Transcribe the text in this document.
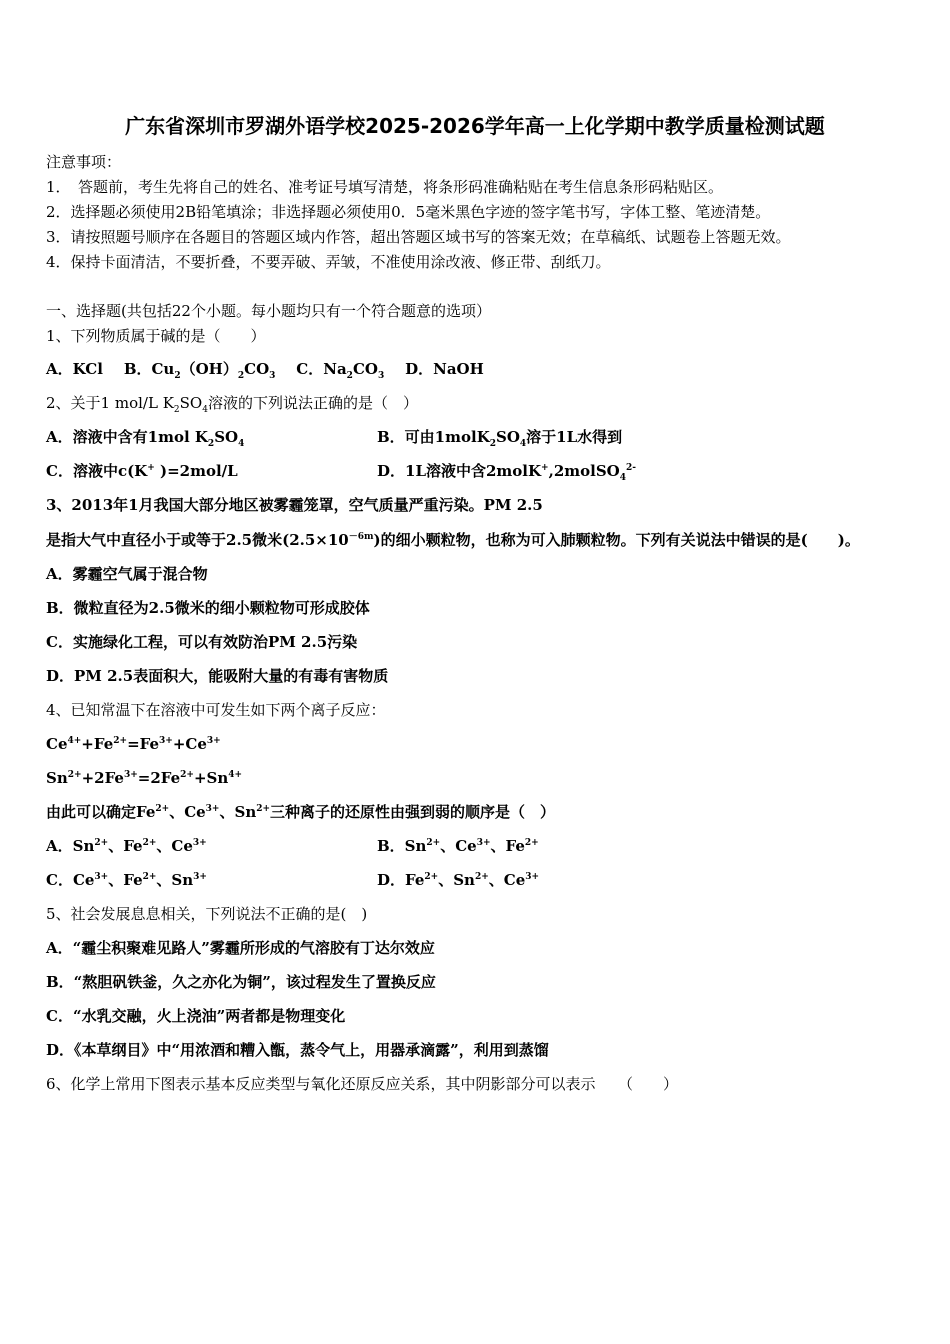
广东省深圳市罗湖外语学校2025-2026学年高一上化学期中教学质量检测试题
注意事项：
1．　答题前，考生先将自己的姓名、准考证号填写清楚，将条形码准确粘贴在考生信息条形码粘贴区。
2．选择题必须使用2B铅笔填涂；非选择题必须使用0．5毫米黑色字迹的签字笔书写，字体工整、笔迹清楚。
3．请按照题号顺序在各题目的答题区域内作答，超出答题区域书写的答案无效；在草稿纸、试题卷上答题无效。
4．保持卡面清洁，不要折叠，不要弄破、弄皱，不准使用涂改液、修正带、刮纸刀。
一、选择题(共包括22个小题。每小题均只有一个符合题意的选项）
1、下列物质属于碱的是（　　）
A．KCl B．$Cu_2(OH)_2CO_3$ C．$Na_2CO_3$ D．NaOH
2、关于1 mol/L $K_2SO_4$溶液的下列说法正确的是（　）
A．溶液中含有1mol $K_2SO_4$	B．可由$1molK_2SO_4$溶于1L水得到
C．溶液中c(K+ )=2mol/L	D．1L溶液中含2molK+,2molSO$_4^{2-}$
3、2013年1月我国大部分地区被雾霾笼罩，空气质量严重污染。PM 2.5
是指大气中直径小于或等于2.5微米$(2.5\times 10^{-6m})$的细小颗粒物，也称为可入肺颗粒物。下列有关说法中错误的是(　　)。
A．雾霾空气属于混合物
B．微粒直径为2.5微米的细小颗粒物可形成胶体
C．实施绿化工程，可以有效防治PM 2.5污染
D．PM 2.5表面积大，能吸附大量的有毒有害物质
4、已知常温下在溶液中可发生如下两个离子反应：
$Ce^{4+}+Fe^{2+}=Fe^{3+}+Ce^{3+}$
$Sn^{2+}+2Fe^{3+}=2Fe^{2+}+Sn^{4+}$
由此可以确定$Fe^{2+}$、$Ce^{3+}$、$Sn^{2+}$三种离子的还原性由强到弱的顺序是（　）
A．$Sn^{2+}$、$Fe^{2+}$、$Ce^{3+}$	B．$Sn^{2+}$、$Ce^{3+}$、$Fe^{2+}$
C．$Ce^{3+}$、$Fe^{2+}$、$Sn^{3+}$	D．$Fe^{2+}$、$Sn^{2+}$、$Ce^{3+}$
5、社会发展息息相关，下列说法不正确的是(　)
A．“霾尘积聚难见路人”雾霾所形成的气溶胶有丁达尔效应
B．“熬胆矾铁釜，久之亦化为铜”，该过程发生了置换反应
C．“水乳交融，火上浇油”两者都是物理变化
D．《本草纲目》中“用浓酒和糟入甑，蒸令气上，用器承滴露”，利用到蒸馏
6、化学上常用下图表示基本反应类型与氧化还原反应关系，其中阴影部分可以表示　　（　　）
